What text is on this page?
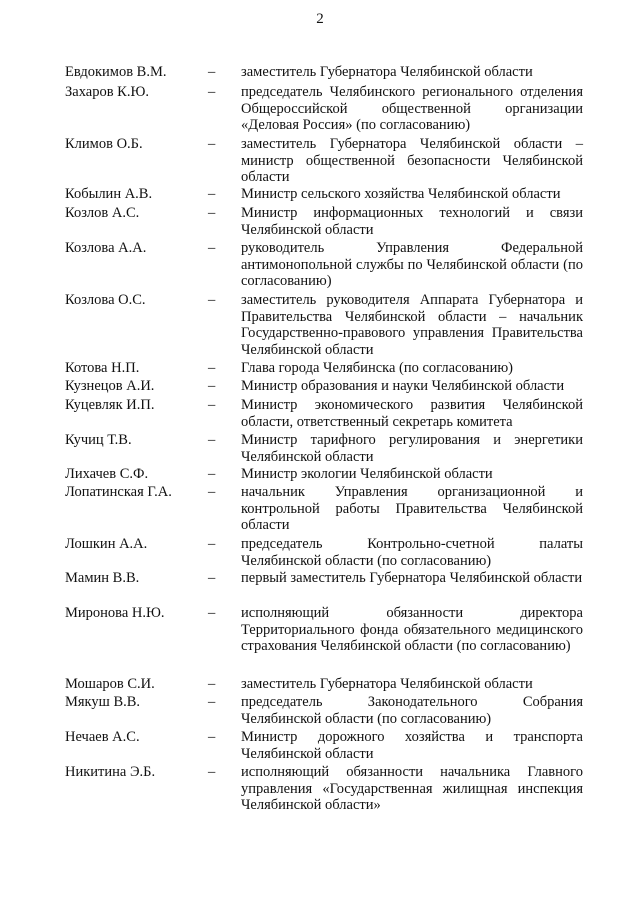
2
Евдокимов В.М.	– заместитель Губернатора Челябинской области
Захаров К.Ю.	– председатель Челябинского регионального отделения Общероссийской общественной организации «Деловая Россия» (по согласованию)
Климов О.Б.	– заместитель Губернатора Челябинской области – министр общественной безопасности Челябинской области
Кобылин А.В.	– Министр сельского хозяйства Челябинской области
Козлов А.С.	– Министр информационных технологий и связи Челябинской области
Козлова А.А.	– руководитель Управления Федеральной антимонопольной службы по Челябинской области (по согласованию)
Козлова О.С.	– заместитель руководителя Аппарата Губернатора и Правительства Челябинской области – начальник Государственно-правового управления Правительства Челябинской области
Котова Н.П.	– Глава города Челябинска (по согласованию)
Кузнецов А.И.	– Министр образования и науки Челябинской области
Куцевляк И.П.	– Министр экономического развития Челябинской области, ответственный секретарь комитета
Кучиц Т.В.	– Министр тарифного регулирования и энергетики Челябинской области
Лихачев С.Ф.	– Министр экологии Челябинской области
Лопатинская Г.А. – начальник Управления организационной и контрольной работы Правительства Челябинской области
Лошкин А.А.	– председатель Контрольно-счетной палаты Челябинской области (по согласованию)
Мамин В.В.	– первый заместитель Губернатора Челябинской области
Миронова Н.Ю.	– исполняющий обязанности директора Территориального фонда обязательного медицинского страхования Челябинской области (по согласованию)
Мошаров С.И.	– заместитель Губернатора Челябинской области
Мякуш В.В.	– председатель Законодательного Собрания Челябинской области (по согласованию)
Нечаев А.С.	– Министр дорожного хозяйства и транспорта Челябинской области
Никитина Э.Б.	– исполняющий обязанности начальника Главного управления «Государственная жилищная инспекция Челябинской области»
